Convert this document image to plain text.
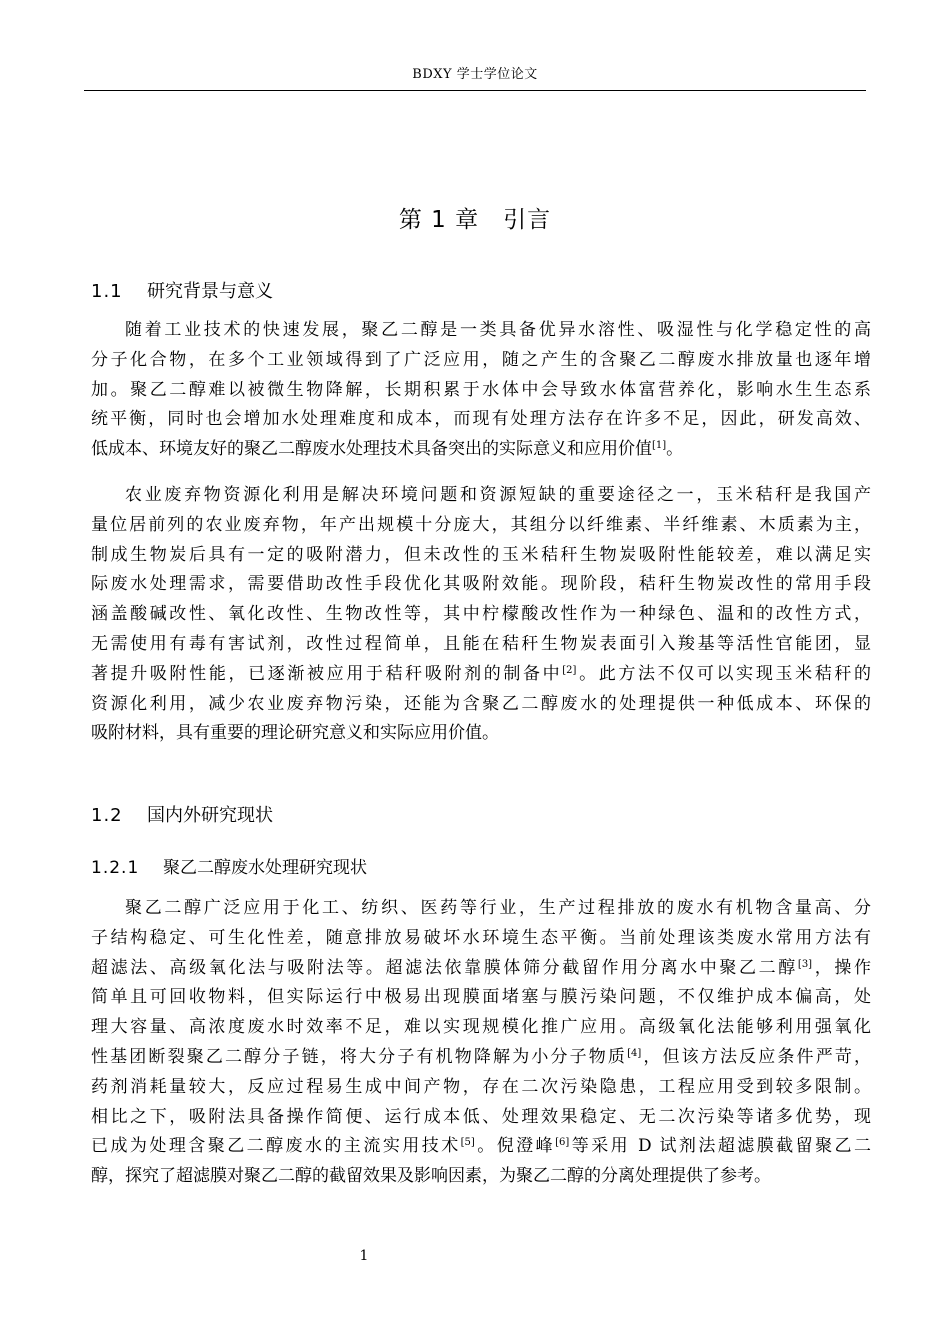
BDXY 学士学位论文
第 1 章　引言
1.1 研究背景与意义
随着工业技术的快速发展，聚乙二醇是一类具备优异水溶性、吸湿性与化学稳定性的高
分子化合物，在多个工业领域得到了广泛应用，随之产生的含聚乙二醇废水排放量也逐年增
加。聚乙二醇难以被微生物降解，长期积累于水体中会导致水体富营养化，影响水生生态系
统平衡，同时也会增加水处理难度和成本，而现有处理方法存在许多不足，因此，研发高效、
低成本、环境友好的聚乙二醇废水处理技术具备突出的实际意义和应用价值[1]。
农业废弃物资源化利用是解决环境问题和资源短缺的重要途径之一，玉米秸秆是我国产
量位居前列的农业废弃物，年产出规模十分庞大，其组分以纤维素、半纤维素、木质素为主，
制成生物炭后具有一定的吸附潜力，但未改性的玉米秸秆生物炭吸附性能较差，难以满足实
际废水处理需求，需要借助改性手段优化其吸附效能。现阶段，秸秆生物炭改性的常用手段
涵盖酸碱改性、氧化改性、生物改性等，其中柠檬酸改性作为一种绿色、温和的改性方式，
无需使用有毒有害试剂，改性过程简单，且能在秸秆生物炭表面引入羧基等活性官能团，显
著提升吸附性能，已逐渐被应用于秸秆吸附剂的制备中[2]。此方法不仅可以实现玉米秸秆的
资源化利用，减少农业废弃物污染，还能为含聚乙二醇废水的处理提供一种低成本、环保的
吸附材料，具有重要的理论研究意义和实际应用价值。
1.2 国内外研究现状
1.2.1 聚乙二醇废水处理研究现状
聚乙二醇广泛应用于化工、纺织、医药等行业，生产过程排放的废水有机物含量高、分
子结构稳定、可生化性差，随意排放易破坏水环境生态平衡。当前处理该类废水常用方法有
超滤法、高级氧化法与吸附法等。超滤法依靠膜体筛分截留作用分离水中聚乙二醇[3]，操作
简单且可回收物料，但实际运行中极易出现膜面堵塞与膜污染问题，不仅维护成本偏高，处
理大容量、高浓度废水时效率不足，难以实现规模化推广应用。高级氧化法能够利用强氧化
性基团断裂聚乙二醇分子链，将大分子有机物降解为小分子物质[4]，但该方法反应条件严苛，
药剂消耗量较大，反应过程易生成中间产物，存在二次污染隐患，工程应用受到较多限制。
相比之下，吸附法具备操作简便、运行成本低、处理效果稳定、无二次污染等诸多优势，现
已成为处理含聚乙二醇废水的主流实用技术[5]。倪澄峰[6]等采用 D 试剂法超滤膜截留聚乙二
醇，探究了超滤膜对聚乙二醇的截留效果及影响因素，为聚乙二醇的分离处理提供了参考。
1
